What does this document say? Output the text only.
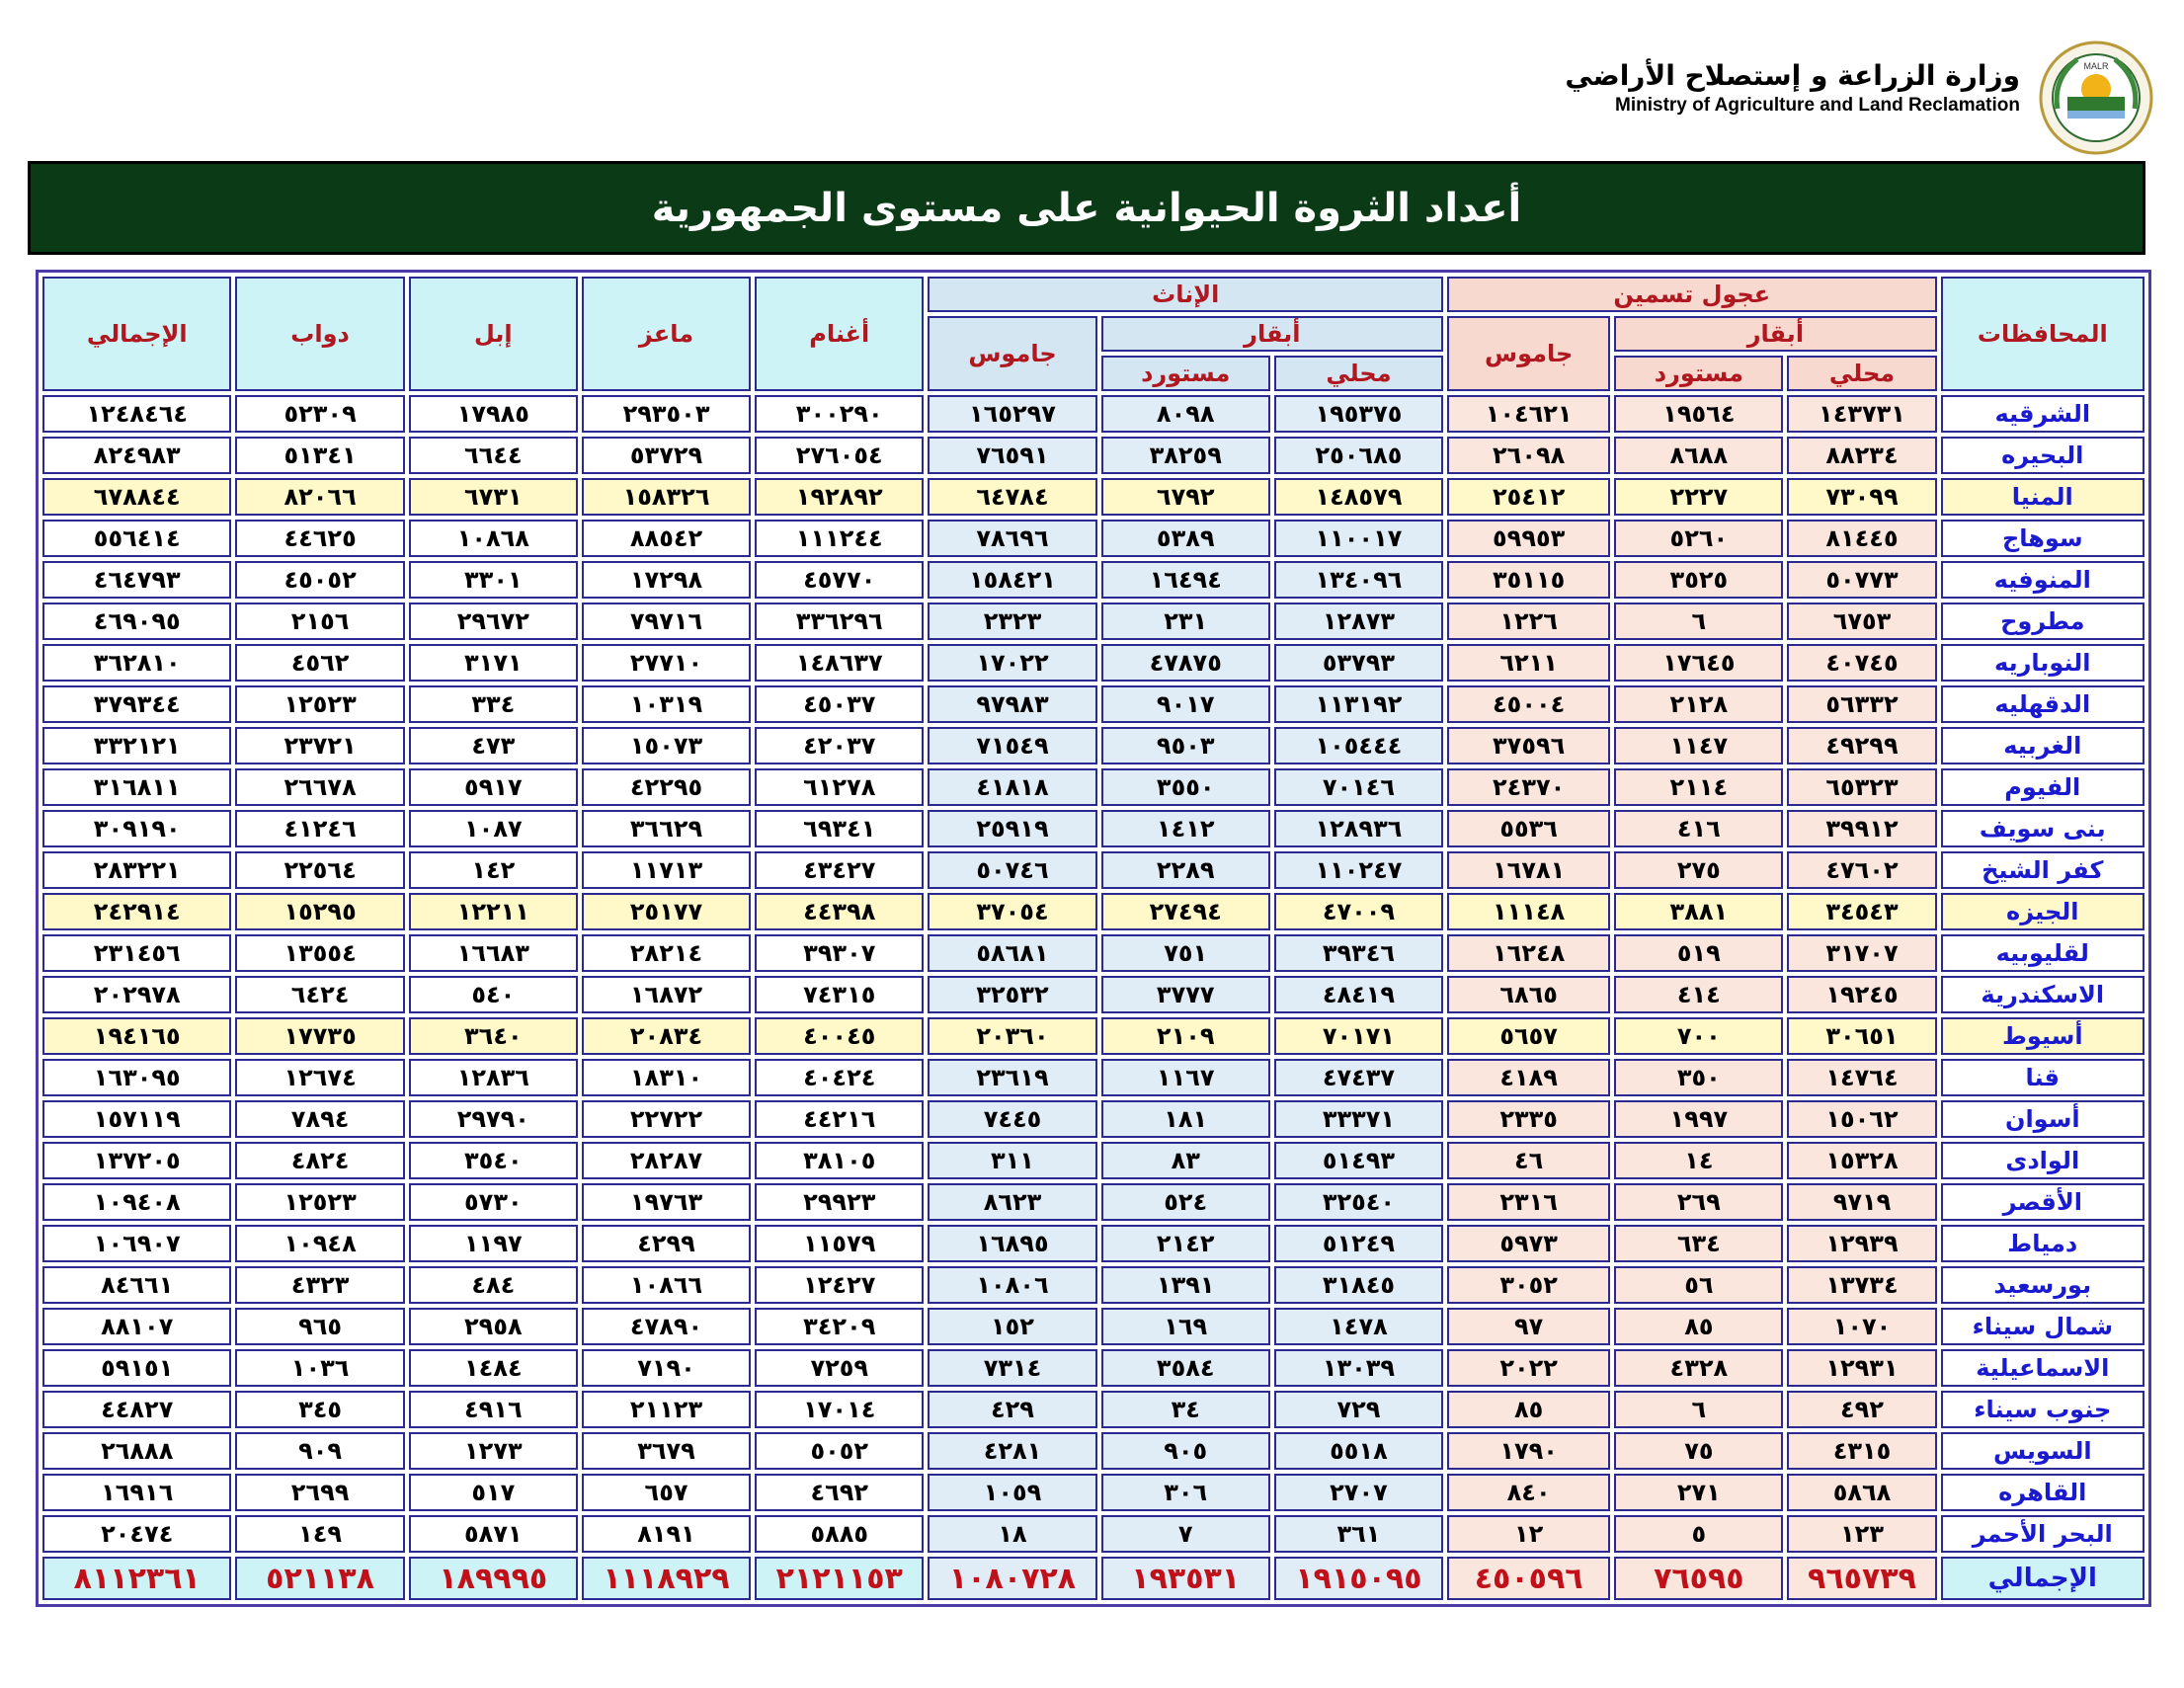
MALR
وزارة الزراعة و إستصلاح الأراضي
Ministry of Agriculture and Land Reclamation
أعداد الثروة الحيوانية على مستوى الجمهورية
المحافظات	عجول تسمين			الإناث			أغنام	ماعز	إبل	دواب	الإجمالي
	أبقار		جاموس	أبقار		جاموس					
	محلي	مستورد		محلي	مستورد						
الشرقيه	١٤٣٧٣١	١٩٥٦٤	١٠٤٦٢١	١٩٥٣٧٥	٨٠٩٨	١٦٥٢٩٧	٣٠٠٢٩٠	٢٩٣٥٠٣	١٧٩٨٥	٥٢٣٠٩	١٢٤٨٤٦٤
البحيره	٨٨٢٣٤	٨٦٨٨	٢٦٠٩٨	٢٥٠٦٨٥	٣٨٢٥٩	٧٦٥٩١	٢٧٦٠٥٤	٥٣٧٢٩	٦٦٤٤	٥١٣٤١	٨٢٤٩٨٣
المنيا	٧٣٠٩٩	٢٢٢٧	٢٥٤١٢	١٤٨٥٧٩	٦٧٩٢	٦٤٧٨٤	١٩٢٨٩٢	١٥٨٣٢٦	٦٧٣١	٨٢٠٦٦	٦٧٨٨٤٤
سوهاج	٨١٤٤٥	٥٢٦٠	٥٩٩٥٣	١١٠٠١٧	٥٣٨٩	٧٨٦٩٦	١١١٢٤٤	٨٨٥٤٢	١٠٨٦٨	٤٤٦٢٥	٥٥٦٤١٤
المنوفيه	٥٠٧٧٣	٣٥٢٥	٣٥١١٥	١٣٤٠٩٦	١٦٤٩٤	١٥٨٤٢١	٤٥٧٧٠	١٧٢٩٨	٣٣٠١	٤٥٠٥٢	٤٦٤٧٩٣
مطروح	٦٧٥٣	٦	١٢٢٦	١٢٨٧٣	٢٣١	٢٣٢٣	٣٣٦٢٩٦	٧٩٧١٦	٢٩٦٧٢	٢١٥٦	٤٦٩٠٩٥
النوباريه	٤٠٧٤٥	١٧٦٤٥	٦٢١١	٥٣٧٩٣	٤٧٨٧٥	١٧٠٢٢	١٤٨٦٣٧	٢٧٧١٠	٣١٧١	٤٥٦٢	٣٦٢٨١٠
الدقهليه	٥٦٣٣٢	٢١٢٨	٤٥٠٠٤	١١٣١٩٢	٩٠١٧	٩٧٩٨٣	٤٥٠٣٧	١٠٣١٩	٣٣٤	١٢٥٢٣	٣٧٩٣٤٤
الغربيه	٤٩٢٩٩	١١٤٧	٣٧٥٩٦	١٠٥٤٤٤	٩٥٠٣	٧١٥٤٩	٤٢٠٣٧	١٥٠٧٣	٤٧٣	٢٣٧٢١	٣٣٢١٢١
الفيوم	٦٥٣٢٣	٢١١٤	٢٤٣٧٠	٧٠١٤٦	٣٥٥٠	٤١٨١٨	٦١٢٧٨	٤٢٢٩٥	٥٩١٧	٢٦٦٧٨	٣١٦٨١١
بنى سويف	٣٩٩١٢	٤١٦	٥٥٣٦	١٢٨٩٣٦	١٤١٢	٢٥٩١٩	٦٩٣٤١	٣٦٦٢٩	١٠٨٧	٤١٢٤٦	٣٠٩١٩٠
كفر الشيخ	٤٧٦٠٢	٢٧٥	١٦٧٨١	١١٠٢٤٧	٢٢٨٩	٥٠٧٤٦	٤٣٤٢٧	١١٧١٣	١٤٢	٢٢٥٦٤	٢٨٣٢٢١
الجيزه	٣٤٥٤٣	٣٨٨١	١١١٤٨	٤٧٠٠٩	٢٧٤٩٤	٣٧٠٥٤	٤٤٣٩٨	٢٥١٧٧	١٢٢١١	١٥٢٩٥	٢٤٢٩١٤
لقليوبيه	٣١٧٠٧	٥١٩	١٦٢٤٨	٣٩٣٤٦	٧٥١	٥٨٦٨١	٣٩٣٠٧	٢٨٢١٤	١٦٦٨٣	١٣٥٥٤	٢٣١٤٥٦
الاسكندرية	١٩٢٤٥	٤١٤	٦٨٦٥	٤٨٤١٩	٣٧٧٧	٣٢٥٣٢	٧٤٣١٥	١٦٨٧٢	٥٤٠	٦٤٢٤	٢٠٢٩٧٨
أسيوط	٣٠٦٥١	٧٠٠	٥٦٥٧	٧٠١٧١	٢١٠٩	٢٠٣٦٠	٤٠٠٤٥	٢٠٨٣٤	٣٦٤٠	١٧٧٣٥	١٩٤١٦٥
قنا	١٤٧٦٤	٣٥٠	٤١٨٩	٤٧٤٣٧	١١٦٧	٢٣٦١٩	٤٠٤٢٤	١٨٣١٠	١٢٨٣٦	١٢٦٧٤	١٦٣٠٩٥
أسوان	١٥٠٦٢	١٩٩٧	٢٣٣٥	٣٣٣٧١	١٨١	٧٤٤٥	٤٤٢١٦	٢٢٧٢٢	٢٩٧٩٠	٧٨٩٤	١٥٧١١٩
الوادى	١٥٣٢٨	١٤	٤٦	٥١٤٩٣	٨٣	٣١١	٣٨١٠٥	٢٨٢٨٧	٣٥٤٠	٤٨٢٤	١٣٧٢٠٥
الأقصر	٩٧١٩	٢٦٩	٢٣١٦	٣٢٥٤٠	٥٢٤	٨٦٢٣	٢٩٩٢٣	١٩٧٦٣	٥٧٣٠	١٢٥٢٣	١٠٩٤٠٨
دمياط	١٢٩٣٩	٦٣٤	٥٩٧٣	٥١٢٤٩	٢١٤٢	١٦٨٩٥	١١٥٧٩	٤٢٩٩	١١٩٧	١٠٩٤٨	١٠٦٩٠٧
بورسعيد	١٣٧٣٤	٥٦	٣٠٥٢	٣١٨٤٥	١٣٩١	١٠٨٠٦	١٢٤٢٧	١٠٨٦٦	٤٨٤	٤٣٢٣	٨٤٦٦١
شمال سيناء	١٠٧٠	٨٥	٩٧	١٤٧٨	١٦٩	١٥٢	٣٤٢٠٩	٤٧٨٩٠	٢٩٥٨	٩٦٥	٨٨١٠٧
الاسماعيلية	١٢٩٣١	٤٣٢٨	٢٠٢٢	١٣٠٣٩	٣٥٨٤	٧٣١٤	٧٢٥٩	٧١٩٠	١٤٨٤	١٠٣٦	٥٩١٥١
جنوب سيناء	٤٩٢	٦	٨٥	٧٢٩	٣٤	٤٢٩	١٧٠١٤	٢١١٢٣	٤٩١٦	٣٤٥	٤٤٨٢٧
السويس	٤٣١٥	٧٥	١٧٩٠	٥٥١٨	٩٠٥	٤٢٨١	٥٠٥٢	٣٦٧٩	١٢٧٣	٩٠٩	٢٦٨٨٨
القاهره	٥٨٦٨	٢٧١	٨٤٠	٢٧٠٧	٣٠٦	١٠٥٩	٤٦٩٢	٦٥٧	٥١٧	٢٦٩٩	١٦٩١٦
البحر الأحمر	١٢٣	٥	١٢	٣٦١	٧	١٨	٥٨٨٥	٨١٩١	٥٨٧١	١٤٩	٢٠٤٧٤
الإجمالي	٩٦٥٧٣٩	٧٦٥٩٥	٤٥٠٥٩٦	١٩١٥٠٩٥	١٩٣٥٣١	١٠٨٠٧٢٨	٢١٢١١٥٣	١١١٨٩٢٩	١٨٩٩٩٥	٥٢١١٣٨	٨١١٢٣٦١
